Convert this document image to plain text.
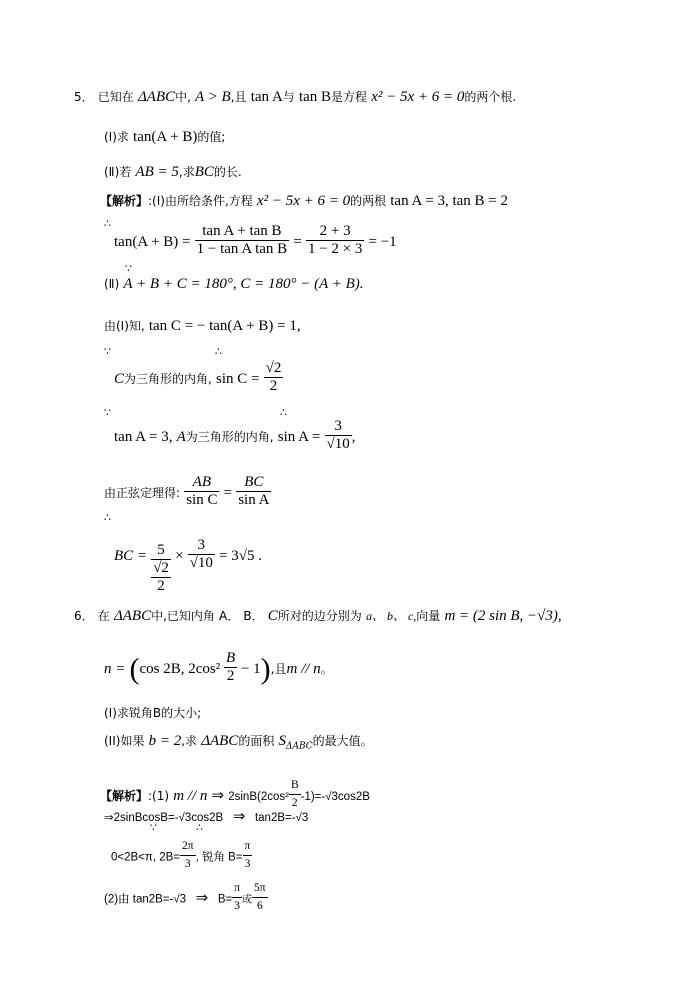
5． 已知在 ΔABC中, A > B,且 tan A与 tan B是方程 x² − 5x + 6 = 0的两个根.
(Ⅰ)求 tan(A + B)的值;
(Ⅱ)若 AB = 5,求BC的长.
【解析】:(Ⅰ)由所给条件,方程 x² − 5x + 6 = 0的两根 tan A = 3, tan B = 2
∴
$\tan(A + B) = \frac{\text{tan A + tan B}}{\text{1 − tan A tan B}} = \frac{2 + 3}{1 - 2 \times 3} = -1$
∵
(Ⅱ) A + B + C = 180°, C = 180° − (A + B).
由(Ⅰ)知, tan C = − tan(A + B) = 1,
∵	∴
C为三角形的内角, $\sin C = \frac{√2}{2}$
∵	∴
tan A = 3, A为三角形的内角, $\sin A = \frac{3}{√10}$ ,
由正弦定理得: $\frac{AB}{\text{sin C}} = \frac{BC}{\text{sin A}}$
∴
BC = 5
√2
2
× $\frac{3}{√10} = 3√5$ .
6． 在 ΔABC中,已知内角 A． B． C所对的边分别为 a、 b、 c,向量 m = (2 sin B, −√3),
n = (cos 2B, $2\cos^2 \frac{B}{2} - 1$),且m // n。
(I)求锐角B的大小;
(II)如果 b = 2,求 ΔABC的面积 $S_{\Delta ABC}$的最大值。
【解析】:(1) m // n ⇒ $2\sin B(2\cos^2 \frac{B}{2} -1)=-√3\cos 2B$
⇒2sinBcosB=-√3cos2B ⇒ tan2B=-√3
∵	∴
0<2B<π, $2B= \frac{2\pi}{3}$ , 锐角 $B= \frac{\pi}{3}$
(2)由 tan2B=-√3 ⇒ $B= \frac{\pi}{3}$ 或 $\frac{5\pi}{6}$
